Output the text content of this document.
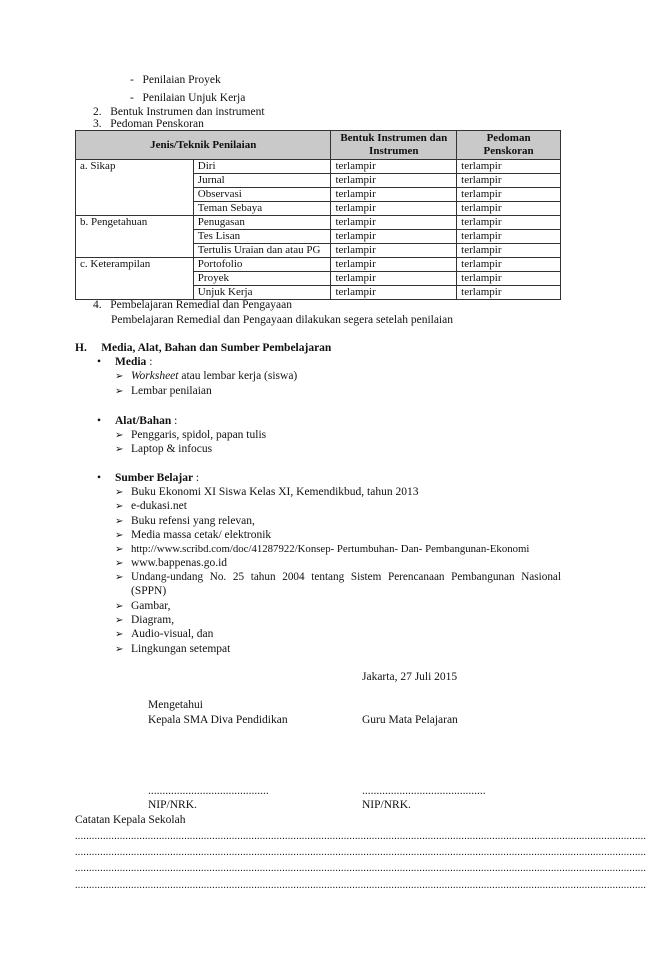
- Penilaian Proyek
- Penilaian Unjuk Kerja
2. Bentuk Instrumen dan instrument
3. Pedoman Penskoran
Jenis/Teknik Penilaian		Bentuk Instrumen dan Instrumen	Pedoman Penskoran
a. Sikap	Diri	terlampir	terlampir
	Jurnal	terlampir	terlampir
	Observasi	terlampir	terlampir
	Teman Sebaya	terlampir	terlampir
b. Pengetahuan	Penugasan	terlampir	terlampir
	Tes Lisan	terlampir	terlampir
	Tertulis Uraian dan atau PG	terlampir	terlampir
c. Keterampilan	Portofolio	terlampir	terlampir
	Proyek	terlampir	terlampir
	Unjuk Kerja	terlampir	terlampir
4. Pembelajaran Remedial dan Pengayaan
Pembelajaran Remedial dan Pengayaan dilakukan segera setelah penilaian
H. Media, Alat, Bahan dan Sumber Pembelajaran
• Media :
➢ Worksheet atau lembar kerja (siswa)
➢ Lembar penilaian
• Alat/Bahan :
➢ Penggaris, spidol, papan tulis
➢ Laptop & infocus
• Sumber Belajar :
➢ Buku Ekonomi XI Siswa Kelas XI, Kemendikbud, tahun 2013
➢ e-dukasi.net
➢ Buku refensi yang relevan,
➢ Media massa cetak/ elektronik
➢ http://www.scribd.com/doc/41287922/Konsep- Pertumbuhan- Dan- Pembangunan-Ekonomi
➢ www.bappenas.go.id
➢ Undang-undang No. 25 tahun 2004 tentang Sistem Perencanaan Pembangunan Nasional
(SPPN)
➢ Gambar,
➢ Diagram,
➢ Audio-visual, dan
➢ Lingkungan setempat
Jakarta, 27 Juli 2015
Mengetahui
Kepala SMA Diva Pendidikan	Guru Mata Pelajaran
..........................................	...........................................
NIP/NRK.	NIP/NRK.
Catatan Kepala Sekolah
............................................................................................................................................................................................................
............................................................................................................................................................................................................
............................................................................................................................................................................................................
............................................................................................................................................................................................................
